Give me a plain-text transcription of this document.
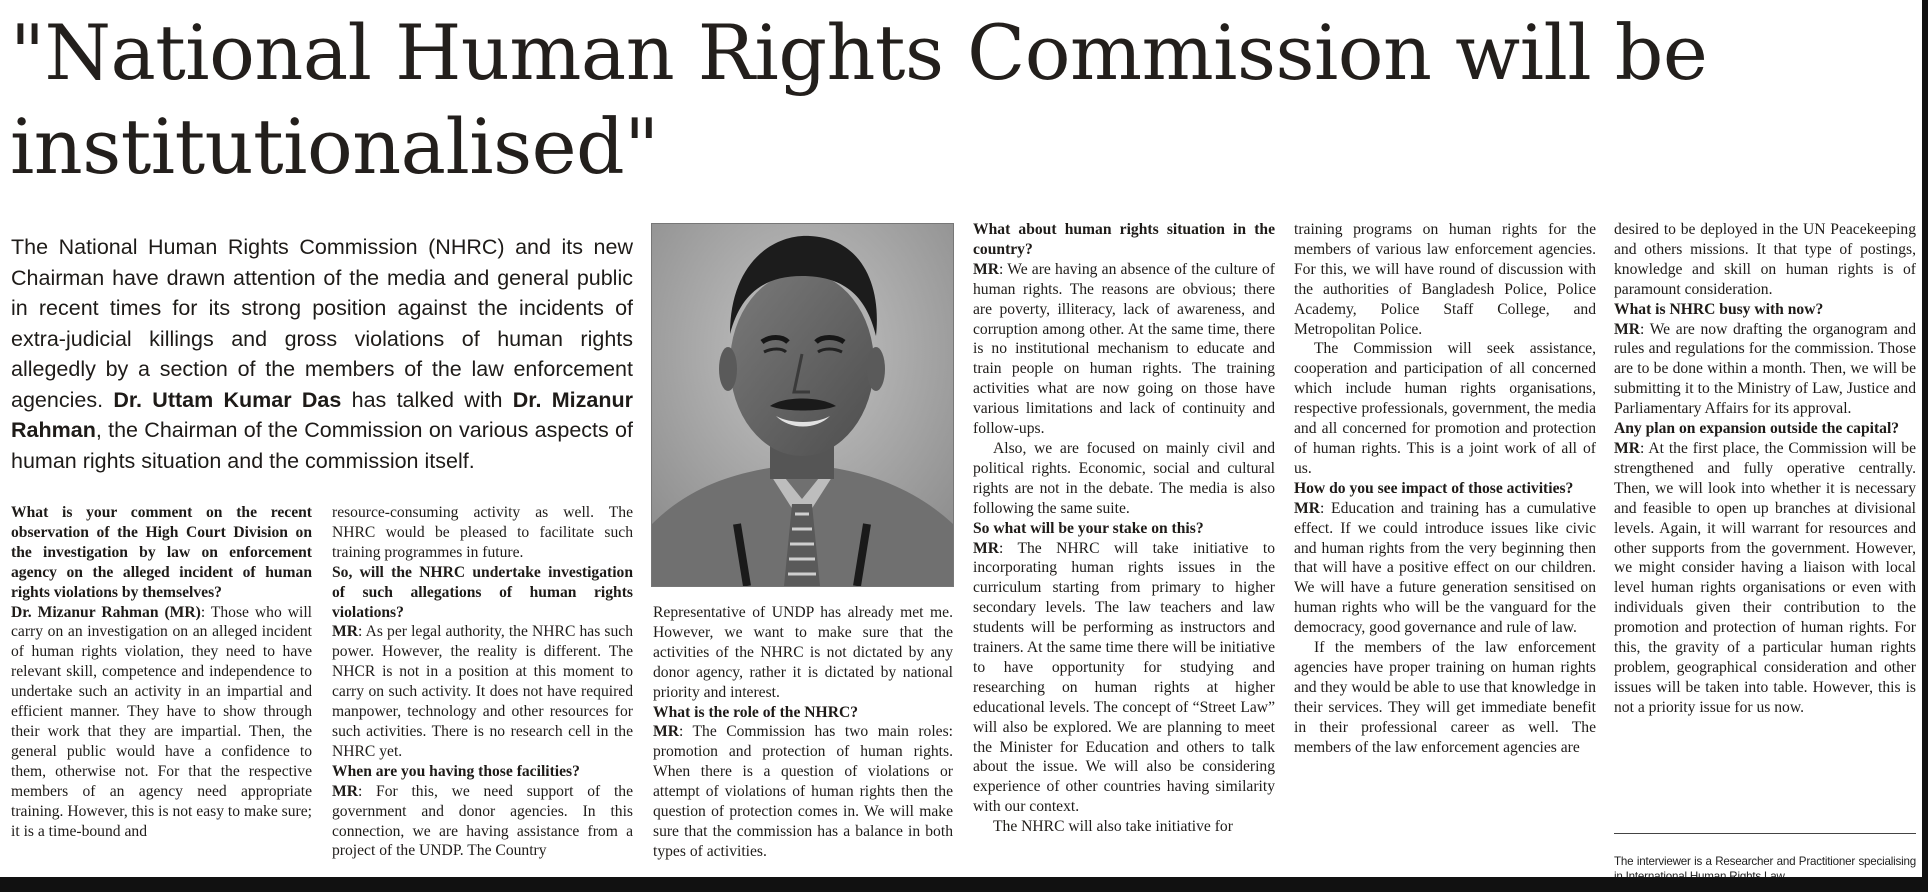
"National Human Rights Commission will be institutionalised"

The National Human Rights Commission (NHRC) and its new Chairman have drawn attention of the media and general public in recent times for its strong position against the incidents of extra-judicial killings and gross violations of human rights allegedly by a section of the members of the law enforcement agencies. Dr. Uttam Kumar Das has talked with Dr. Mizanur Rahman, the Chairman of the Commission on various aspects of human rights situation and the commission itself.

What is your comment on the recent observation of the High Court Division on the investigation by law on enforcement agency on the alleged incident of human rights violations by themselves?

Dr. Mizanur Rahman (MR): Those who will carry on an investigation on an alleged incident of human rights violation, they need to have relevant skill, competence and independence to undertake such an activity in an impartial and efficient manner. They have to show through their work that they are impartial. Then, the general public would have a confidence to them, otherwise not. For that the respective members of an agency need appropriate training. However, this is not easy to make sure; it is a time-bound and

resource-consuming activity as well. The NHRC would be pleased to facilitate such training programmes in future.

So, will the NHRC undertake investigation of such allegations of human rights violations?

MR: As per legal authority, the NHRC has such power. However, the reality is different. The NHCR is not in a position at this moment to carry on such activity. It does not have required manpower, technology and other resources for such activities. There is no research cell in the NHRC yet.

When are you having those facilities?

MR: For this, we need support of the government and donor agencies. In this connection, we are having assistance from a project of the UNDP. The Country

Representative of UNDP has already met me. However, we want to make sure that the activities of the NHRC is not dictated by any donor agency, rather it is dictated by national priority and interest.

What is the role of the NHRC?

MR: The Commission has two main roles: promotion and protection of human rights. When there is a question of violations or attempt of violations of human rights then the question of protection comes in. We will make sure that the commission has a balance in both types of activities.

What about human rights situation in the country?

MR: We are having an absence of the culture of human rights. The reasons are obvious; there are poverty, illiteracy, lack of awareness, and corruption among other. At the same time, there is no institutional mechanism to educate and train people on human rights. The training activities what are now going on those have various limitations and lack of continuity and follow-ups.

Also, we are focused on mainly civil and political rights. Economic, social and cultural rights are not in the debate. The media is also following the same suite.

So what will be your stake on this?

MR: The NHRC will take initiative to incorporating human rights issues in the curriculum starting from primary to higher secondary levels. The law teachers and law students will be performing as instructors and trainers. At the same time there will be initiative to have opportunity for studying and researching on human rights at higher educational levels. The concept of “Street Law” will also be explored. We are planning to meet the Minister for Education and others to talk about the issue. We will also be considering experience of other countries having similarity with our context.

The NHRC will also take initiative for

training programs on human rights for the members of various law enforcement agencies. For this, we will have round of discussion with the authorities of Bangladesh Police, Police Academy, Police Staff College, and Metropolitan Police.

The Commission will seek assistance, cooperation and participation of all concerned which include human rights organisations, respective professionals, government, the media and all concerned for promotion and protection of human rights. This is a joint work of all of us.

How do you see impact of those activities?

MR: Education and training has a cumulative effect. If we could introduce issues like civic and human rights from the very beginning then that will have a positive effect on our children. We will have a future generation sensitised on human rights who will be the vanguard for the democracy, good governance and rule of law.

If the members of the law enforcement agencies have proper training on human rights and they would be able to use that knowledge in their services. They will get immediate benefit in their professional career as well. The members of the law enforcement agencies are

desired to be deployed in the UN Peacekeeping and others missions. It that type of postings, knowledge and skill on human rights is of paramount consideration.

What is NHRC busy with now?

MR: We are now drafting the organogram and rules and regulations for the commission. Those are to be done within a month. Then, we will be submitting it to the Ministry of Law, Justice and Parliamentary Affairs for its approval.

Any plan on expansion outside the capital?

MR: At the first place, the Commission will be strengthened and fully operative centrally. Then, we will look into whether it is necessary and feasible to open up branches at divisional levels. Again, it will warrant for resources and other supports from the government. However, we might consider having a liaison with local level human rights organisations or even with individuals given their contribution to the promotion and protection of human rights. For this, the gravity of a particular human rights problem, geographical consideration and other issues will be taken into table. However, this is not a priority issue for us now.

The interviewer is a Researcher and Practitioner specialising
